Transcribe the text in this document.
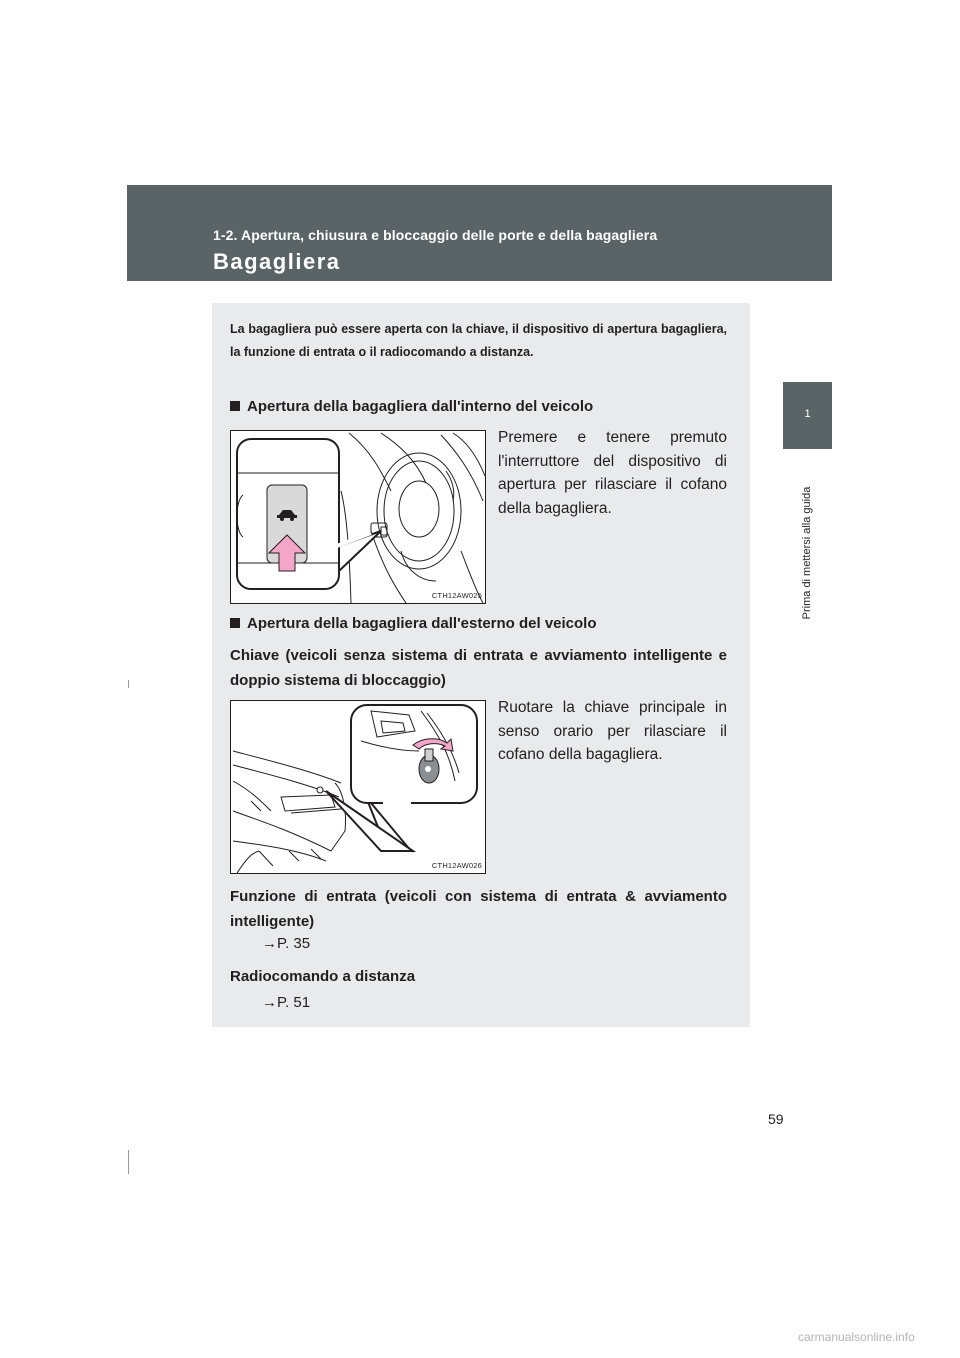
1-2. Apertura, chiusura e bloccaggio delle porte e della bagagliera
Bagagliera
1
Prima di mettersi alla guida
La bagagliera può essere aperta con la chiave, il dispositivo di apertura bagagliera, la funzione di entrata o il radiocomando a distanza.
Apertura della bagagliera dall'interno del veicolo
CTH12AW025
Premere e tenere premuto l'interruttore del dispositivo di apertura per rilasciare il cofano della bagagliera.
Apertura della bagagliera dall'esterno del veicolo
Chiave (veicoli senza sistema di entrata e avviamento intelligente e doppio sistema di bloccaggio)
CTH12AW026
Ruotare la chiave principale in senso orario per rilasciare il cofano della bagagliera.
Funzione di entrata (veicoli con sistema di entrata & avviamento intelligente)
→P. 35
Radiocomando a distanza
→P. 51
59
carmanualsonline.info
